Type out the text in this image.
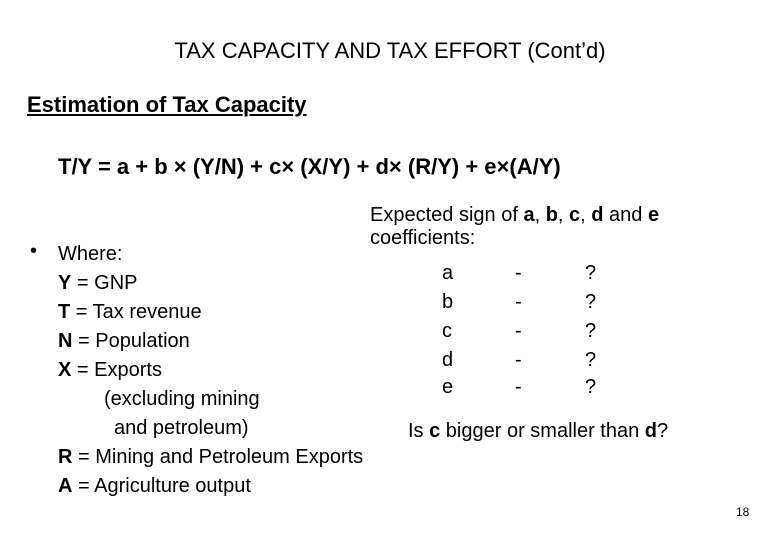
TAX CAPACITY AND TAX EFFORT (Cont’d)
Estimation of Tax Capacity
T/Y = a + b × (Y/N) + c× (X/Y) + d× (R/Y) + e×(A/Y)
• Where:
Y = GNP
T = Tax revenue
N = Population
X = Exports
(excluding mining
and petroleum)
R = Mining and Petroleum Exports
A = Agriculture output
Expected sign of a, b, c, d and e
coefficients:
a	-	?
b	-	?
c	-	?
d	-	?
e	-	?
Is c bigger or smaller than d?
18
